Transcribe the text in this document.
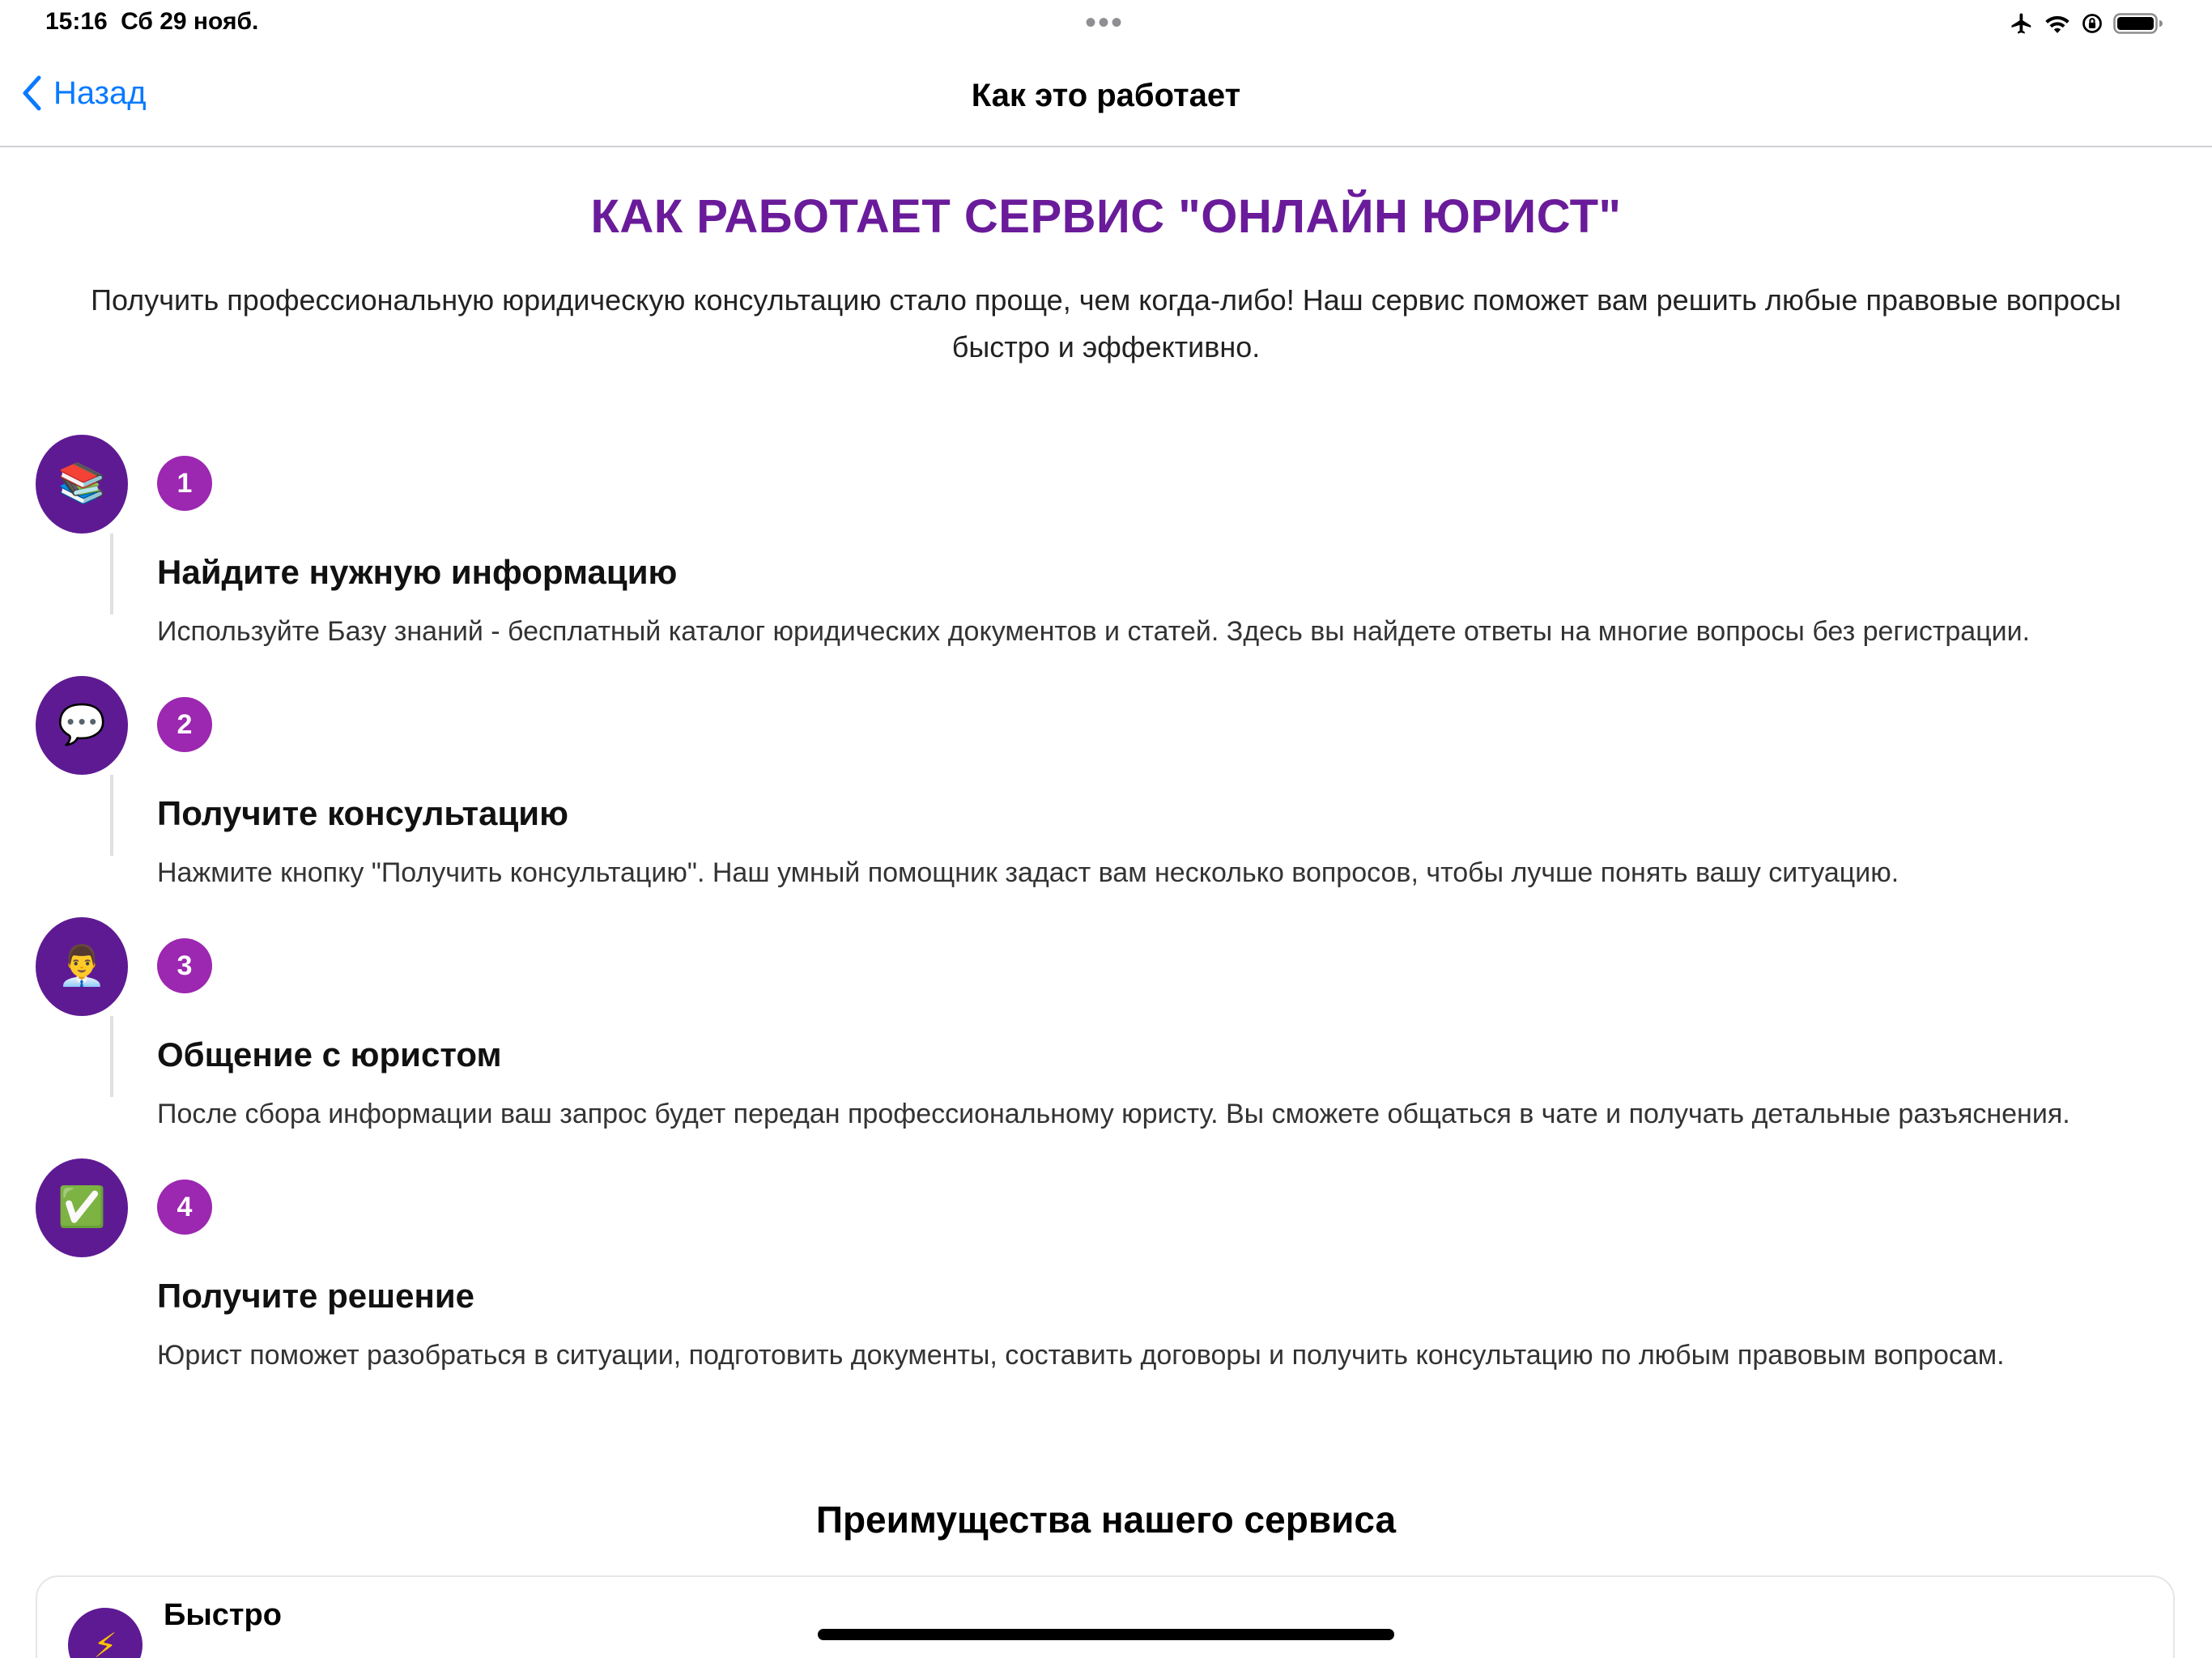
15:16 Сб 29 нояб.	•••
Назад	Как это работает
КАК РАБОТАЕТ СЕРВИС "ОНЛАЙН ЮРИСТ"
Получить профессиональную юридическую консультацию стало проще, чем когда-либо! Наш сервис поможет вам решить любые правовые вопросы быстро и эффективно.
📚	1
Найдите нужную информацию
Используйте Базу знаний - бесплатный каталог юридических документов и статей. Здесь вы найдете ответы на многие вопросы без регистрации.
💬	2
Получите консультацию
Нажмите кнопку "Получить консультацию". Наш умный помощник задаст вам несколько вопросов, чтобы лучше понять вашу ситуацию.
👨‍💼	3
Общение с юристом
После сбора информации ваш запрос будет передан профессиональному юристу. Вы сможете общаться в чате и получать детальные разъяснения.
✅	4
Получите решение
Юрист поможет разобраться в ситуации, подготовить документы, составить договоры и получить консультацию по любым правовым вопросам.
Преимущества нашего сервиса
⚡
Быстро
